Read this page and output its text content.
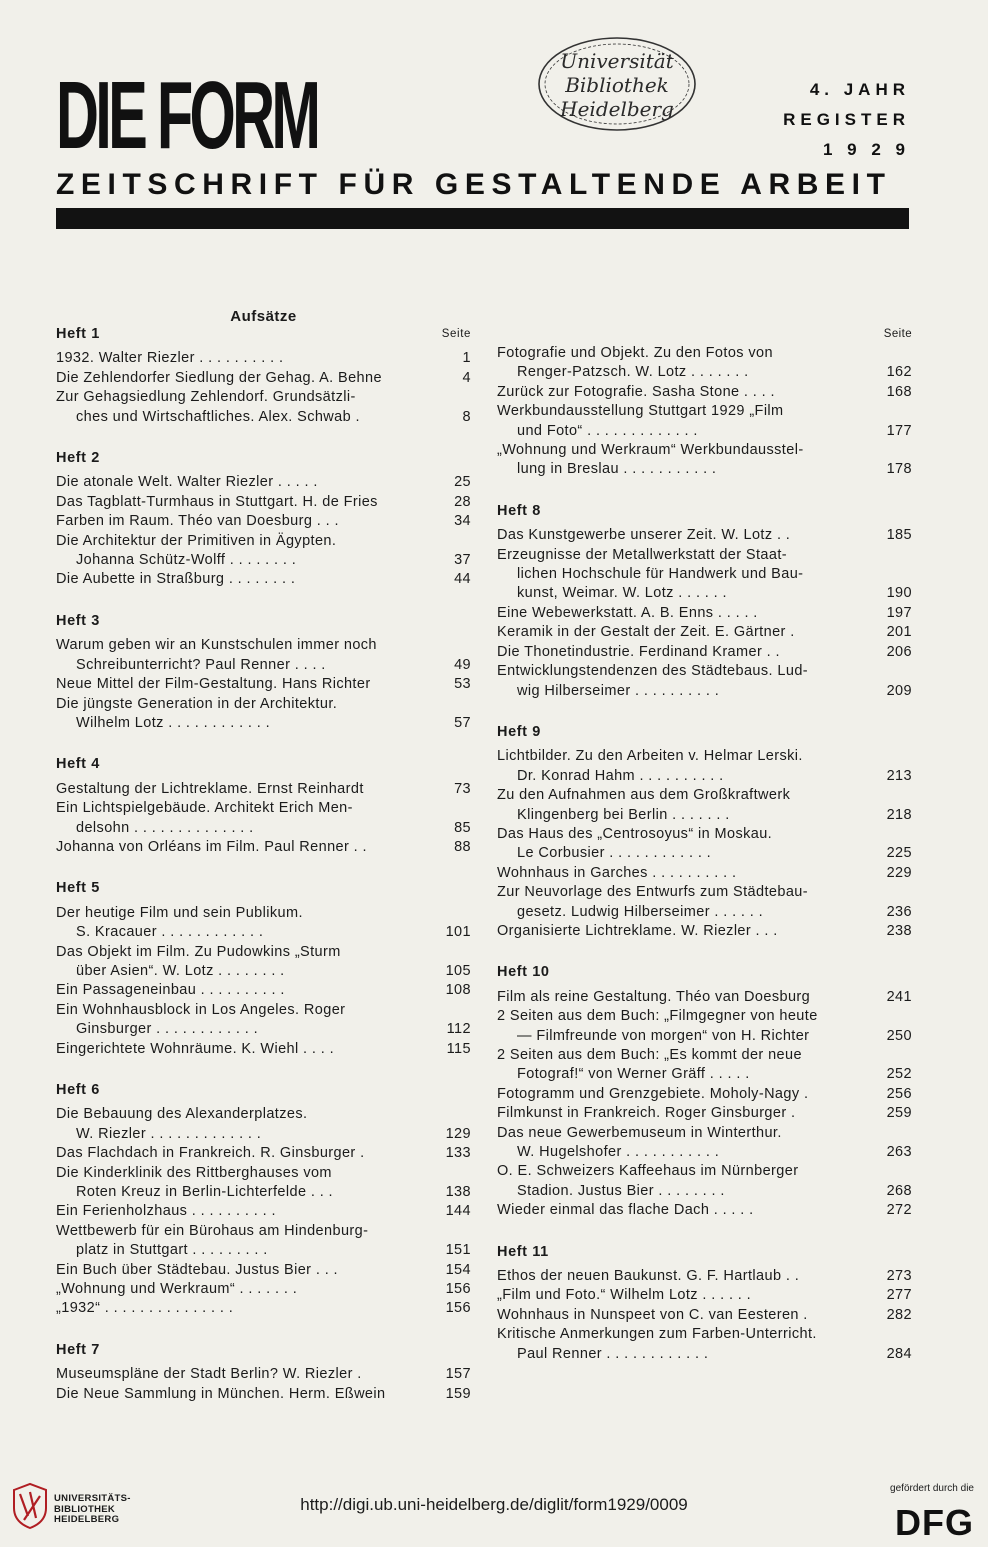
DIE FORM
Universität
Bibliothek
Heidelberg
4. JAHR
REGISTER
1 9 2 9
ZEITSCHRIFT FÜR GESTALTENDE ARBEIT
Aufsätze
Heft 1	Seite
1932. Walter Riezler . . . . . . . . . .	1
Die Zehlendorfer Siedlung der Gehag. A. Behne	4
Zur Gehagsiedlung Zehlendorf. Grundsätzli-
ches und Wirtschaftliches. Alex. Schwab .	8
Heft 2
Die atonale Welt. Walter Riezler . . . . .	25
Das Tagblatt-Turmhaus in Stuttgart. H. de Fries	28
Farben im Raum. Théo van Doesburg . . .	34
Die Architektur der Primitiven in Ägypten.
Johanna Schütz-Wolff . . . . . . . .	37
Die Aubette in Straßburg . . . . . . . .	44
Heft 3
Warum geben wir an Kunstschulen immer noch
Schreibunterricht? Paul Renner . . . .	49
Neue Mittel der Film-Gestaltung. Hans Richter	53
Die jüngste Generation in der Architektur.
Wilhelm Lotz . . . . . . . . . . . .	57
Heft 4
Gestaltung der Lichtreklame. Ernst Reinhardt	73
Ein Lichtspielgebäude. Architekt Erich Men-
delsohn . . . . . . . . . . . . . .	85
Johanna von Orléans im Film. Paul Renner . .	88
Heft 5
Der heutige Film und sein Publikum.
S. Kracauer . . . . . . . . . . . .	101
Das Objekt im Film. Zu Pudowkins „Sturm
über Asien“. W. Lotz . . . . . . . .	105
Ein Passageneinbau . . . . . . . . . .	108
Ein Wohnhausblock in Los Angeles. Roger
Ginsburger . . . . . . . . . . . .	112
Eingerichtete Wohnräume. K. Wiehl . . . .	115
Heft 6
Die Bebauung des Alexanderplatzes.
W. Riezler . . . . . . . . . . . . .	129
Das Flachdach in Frankreich. R. Ginsburger .	133
Die Kinderklinik des Rittberghauses vom
Roten Kreuz in Berlin-Lichterfelde . . .	138
Ein Ferienholzhaus . . . . . . . . . .	144
Wettbewerb für ein Bürohaus am Hindenburg-
platz in Stuttgart . . . . . . . . .	151
Ein Buch über Städtebau. Justus Bier . . .	154
„Wohnung und Werkraum“ . . . . . . .	156
„1932“ . . . . . . . . . . . . . . .	156
Heft 7
Museumspläne der Stadt Berlin? W. Riezler .	157
Die Neue Sammlung in München. Herm. Eßwein	159
Seite
Fotografie und Objekt. Zu den Fotos von
Renger-Patzsch. W. Lotz . . . . . . .	162
Zurück zur Fotografie. Sasha Stone . . . .	168
Werkbundausstellung Stuttgart 1929 „Film
und Foto“ . . . . . . . . . . . . .	177
„Wohnung und Werkraum“ Werkbundausstel-
lung in Breslau . . . . . . . . . . .	178
Heft 8
Das Kunstgewerbe unserer Zeit. W. Lotz . .	185
Erzeugnisse der Metallwerkstatt der Staat-
lichen Hochschule für Handwerk und Bau-
kunst, Weimar. W. Lotz . . . . . .	190
Eine Webewerkstatt. A. B. Enns . . . . .	197
Keramik in der Gestalt der Zeit. E. Gärtner .	201
Die Thonetindustrie. Ferdinand Kramer . .	206
Entwicklungstendenzen des Städtebaus. Lud-
wig Hilberseimer . . . . . . . . . .	209
Heft 9
Lichtbilder. Zu den Arbeiten v. Helmar Lerski.
Dr. Konrad Hahm . . . . . . . . . .	213
Zu den Aufnahmen aus dem Großkraftwerk
Klingenberg bei Berlin . . . . . . .	218
Das Haus des „Centrosoyus“ in Moskau.
Le Corbusier . . . . . . . . . . . .	225
Wohnhaus in Garches . . . . . . . . . .	229
Zur Neuvorlage des Entwurfs zum Städtebau-
gesetz. Ludwig Hilberseimer . . . . . .	236
Organisierte Lichtreklame. W. Riezler . . .	238
Heft 10
Film als reine Gestaltung. Théo van Doesburg	241
2 Seiten aus dem Buch: „Filmgegner von heute
— Filmfreunde von morgen“ von H. Richter	250
2 Seiten aus dem Buch: „Es kommt der neue
Fotograf!“ von Werner Gräff . . . . .	252
Fotogramm und Grenzgebiete. Moholy-Nagy .	256
Filmkunst in Frankreich. Roger Ginsburger .	259
Das neue Gewerbemuseum in Winterthur.
W. Hugelshofer . . . . . . . . . . .	263
O. E. Schweizers Kaffeehaus im Nürnberger
Stadion. Justus Bier . . . . . . . .	268
Wieder einmal das flache Dach . . . . .	272
Heft 11
Ethos der neuen Baukunst. G. F. Hartlaub . .	273
„Film und Foto.“ Wilhelm Lotz . . . . . .	277
Wohnhaus in Nunspeet von C. van Eesteren .	282
Kritische Anmerkungen zum Farben-Unterricht.
Paul Renner . . . . . . . . . . . .	284
UNIVERSITÄTS-
BIBLIOTHEK
HEIDELBERG
http://digi.ub.uni-heidelberg.de/diglit/form1929/0009
gefördert durch die
DFG
